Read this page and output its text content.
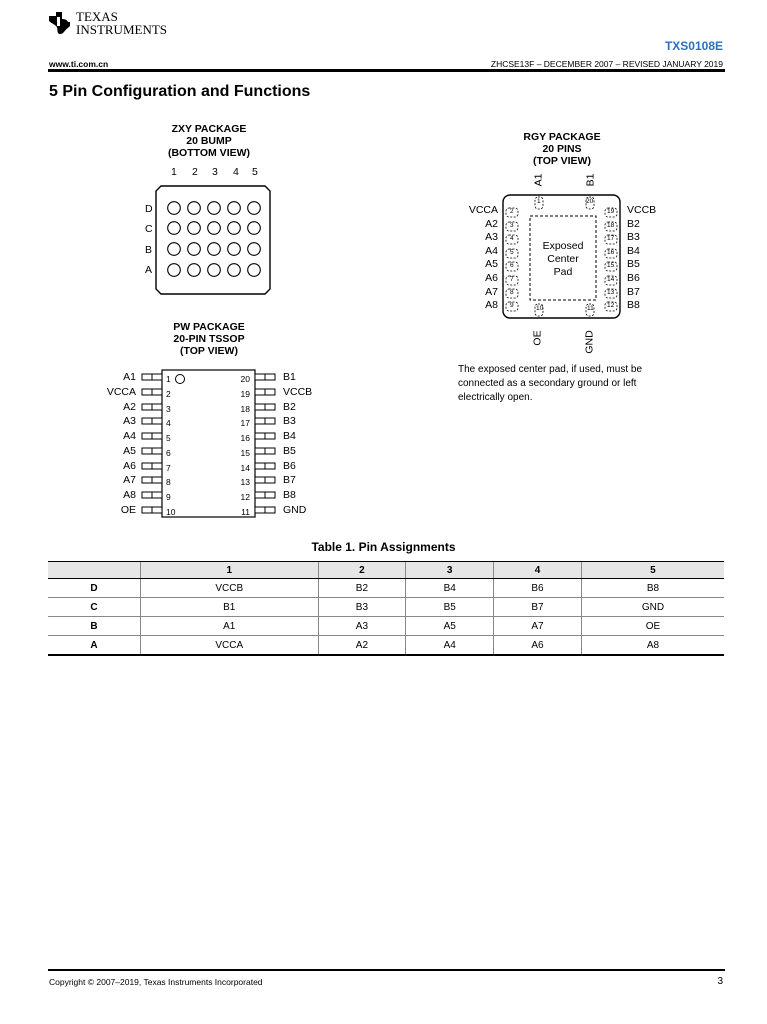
TEXAS
INSTRUMENTS
TXS0108E
www.ti.com.cn	ZHCSE13F – DECEMBER 2007 – REVISED JANUARY 2019
5 Pin Configuration and Functions
ZXY PACKAGE
20 BUMP
(BOTTOM VIEW)
1 2 3 4 5
D
C
B
A
RGY PACKAGE
20 PINS
(TOP VIEW)
A1	B1
OE	GND
1	20
10	11
2
3
4
5
6
7
8
9
19
18
17
16
15
14
13
12
VCCA
A2
A3
A4
A5
A6
A7
A8
VCCB
B2
B3
B4
B5
B6
B7
B8
Exposed
Center
Pad
The exposed center pad, if used, must be connected as a secondary ground or left electrically open.
PW PACKAGE
20-PIN TSSOP
(TOP VIEW)
A1
VCCA
A2
A3
A4
A5
A6
A7
A8
OE
1
2
3
4
5
6
7
8
9
10
20
19
18
17
16
15
14
13
12
11
B1
VCCB
B2
B3
B4
B5
B6
B7
B8
GND
Table 1. Pin Assignments
	1	2	3	4	5
D	VCCB	B2	B4	B6	B8
C	B1	B3	B5	B7	GND
B	A1	A3	A5	A7	OE
A	VCCA	A2	A4	A6	A8
Copyright © 2007–2019, Texas Instruments Incorporated	3
